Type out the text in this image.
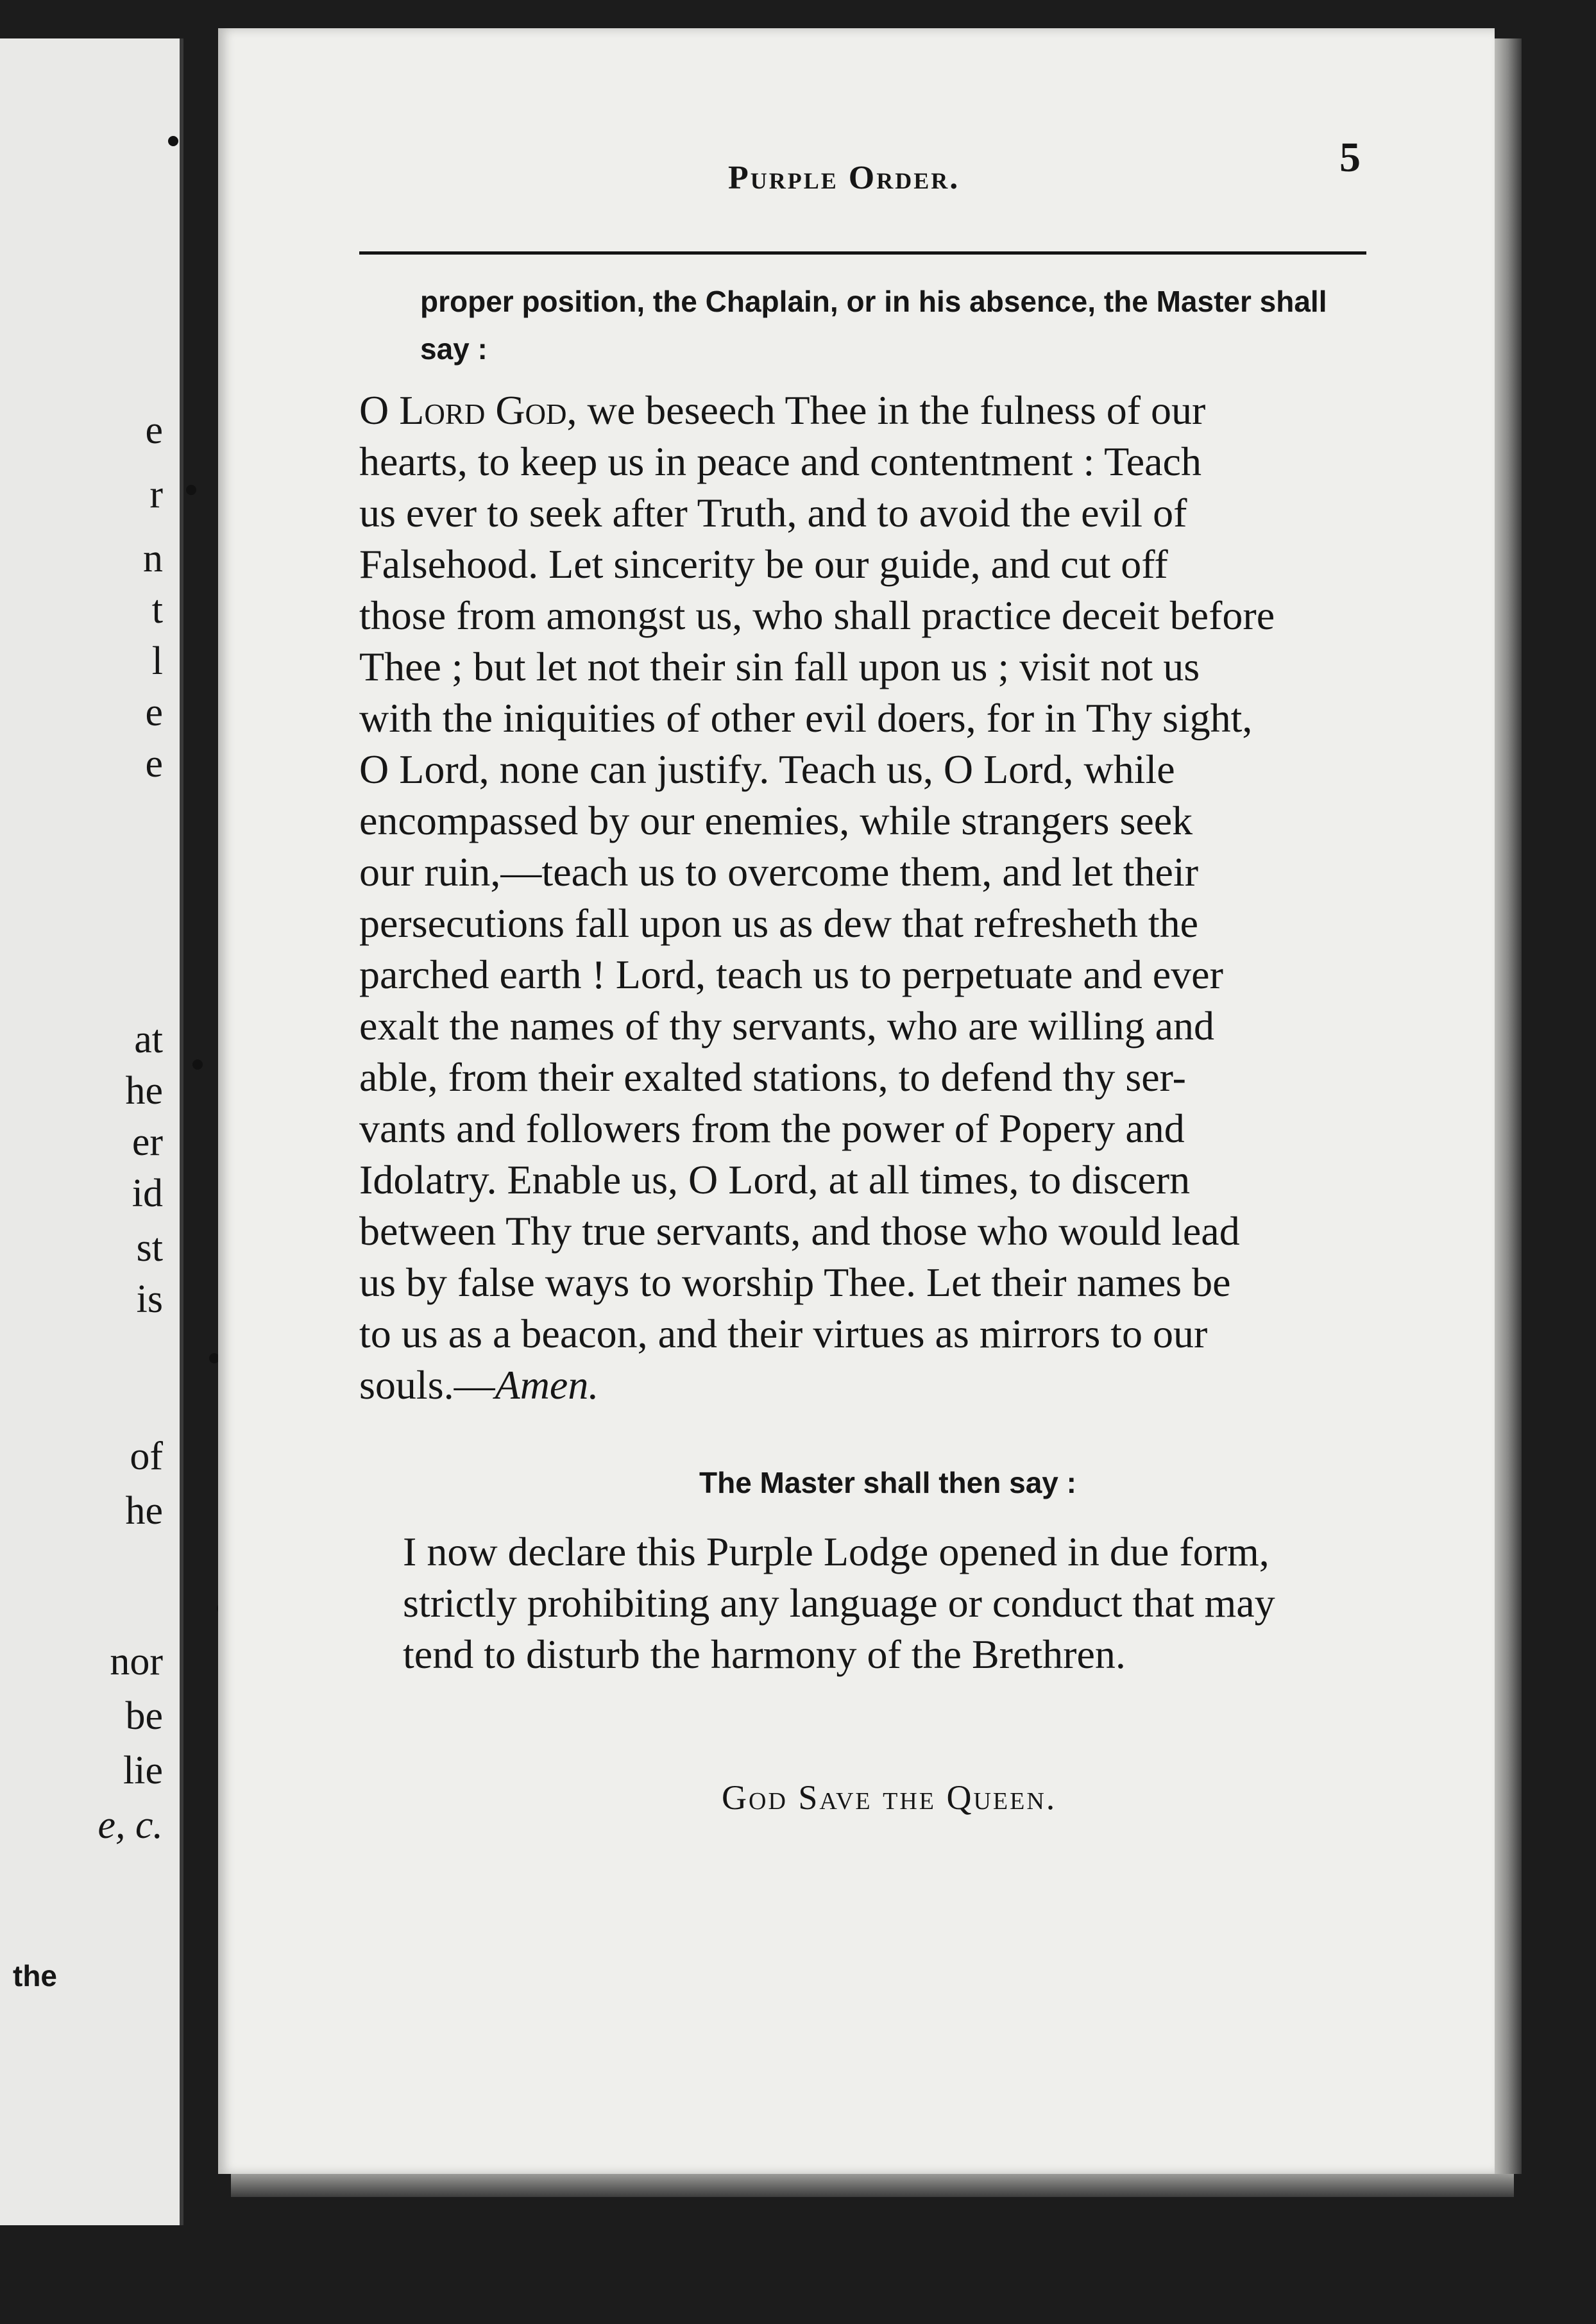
e
r
n
t
l
e
e
at
he
er
id
st
is
of
he
nor
be
lie
e, c.
the
Purple Order.	5
proper position, the Chaplain, or in his absence, the Master shall
say :
O Lord God, we beseech Thee in the fulness of our
hearts, to keep us in peace and contentment : Teach
us ever to seek after Truth, and to avoid the evil of
Falsehood. Let sincerity be our guide, and cut off
those from amongst us, who shall practice deceit before
Thee ; but let not their sin fall upon us ; visit not us
with the iniquities of other evil doers, for in Thy sight,
O Lord, none can justify. Teach us, O Lord, while
encompassed by our enemies, while strangers seek
our ruin,—teach us to overcome them, and let their
persecutions fall upon us as dew that refresheth the
parched earth ! Lord, teach us to perpetuate and ever
exalt the names of thy servants, who are willing and
able, from their exalted stations, to defend thy ser-
vants and followers from the power of Popery and
Idolatry. Enable us, O Lord, at all times, to discern
between Thy true servants, and those who would lead
us by false ways to worship Thee. Let their names be
to us as a beacon, and their virtues as mirrors to our
souls.—Amen.
The Master shall then say :
I now declare this Purple Lodge opened in due form,
strictly prohibiting any language or conduct that may
tend to disturb the harmony of the Brethren.
God Save the Queen.
